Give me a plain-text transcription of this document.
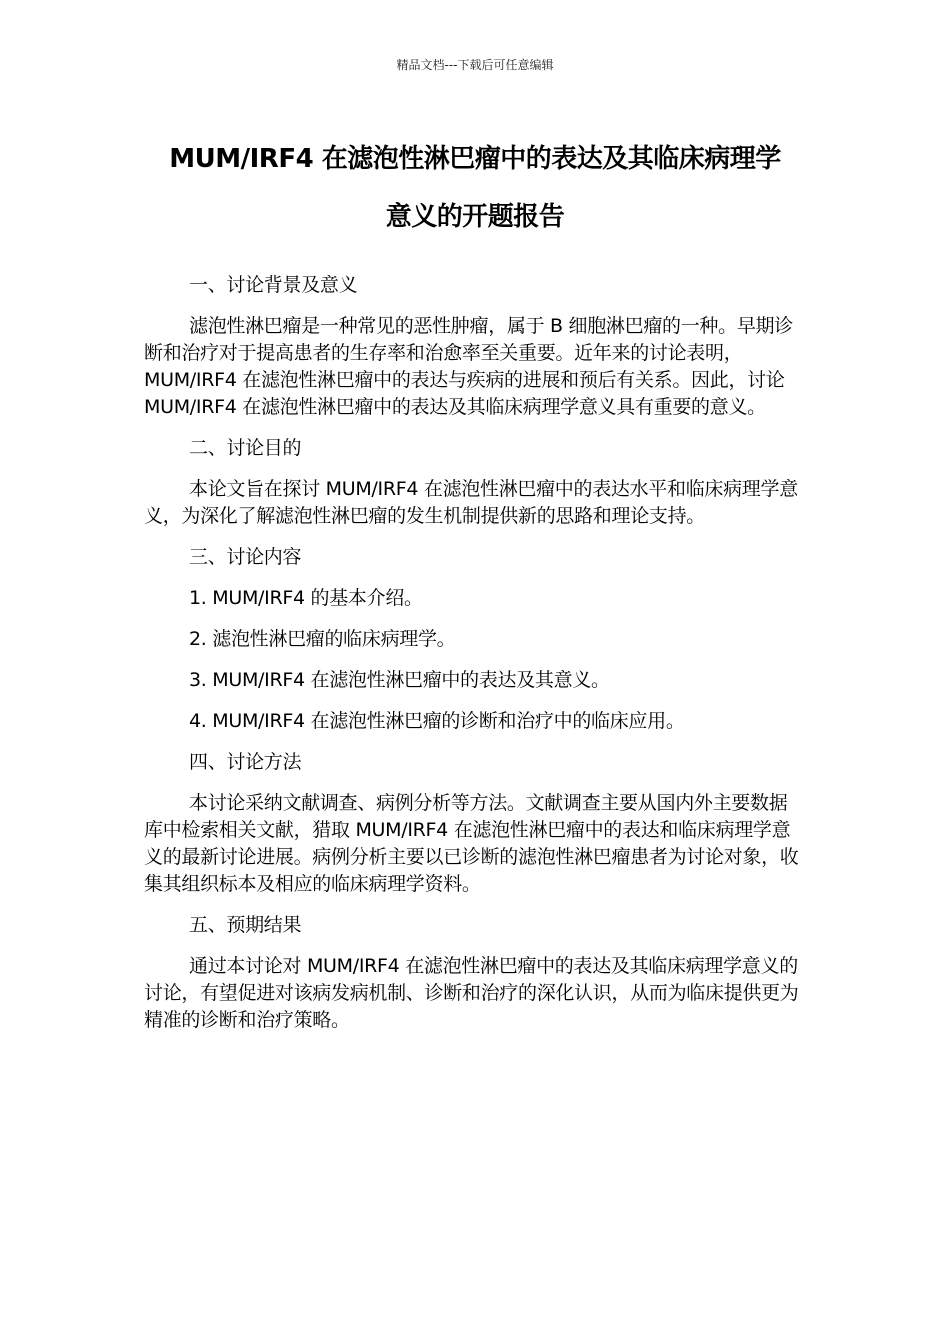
精品文档---下载后可任意编辑
MUM/IRF4 在滤泡性淋巴瘤中的表达及其临床病理学
意义的开题报告

一、讨论背景及意义

滤泡性淋巴瘤是一种常见的恶性肿瘤，属于 B 细胞淋巴瘤的一种。早期诊断和治疗对于提高患者的生存率和治愈率至关重要。近年来的讨论表明，MUM/IRF4 在滤泡性淋巴瘤中的表达与疾病的进展和预后有关系。因此，讨论 MUM/IRF4 在滤泡性淋巴瘤中的表达及其临床病理学意义具有重要的意义。

二、讨论目的

本论文旨在探讨 MUM/IRF4 在滤泡性淋巴瘤中的表达水平和临床病理学意义，为深化了解滤泡性淋巴瘤的发生机制提供新的思路和理论支持。

三、讨论内容

1. MUM/IRF4 的基本介绍。

2. 滤泡性淋巴瘤的临床病理学。

3. MUM/IRF4 在滤泡性淋巴瘤中的表达及其意义。

4. MUM/IRF4 在滤泡性淋巴瘤的诊断和治疗中的临床应用。

四、讨论方法

本讨论采纳文献调查、病例分析等方法。文献调查主要从国内外主要数据库中检索相关文献，猎取 MUM/IRF4 在滤泡性淋巴瘤中的表达和临床病理学意义的最新讨论进展。病例分析主要以已诊断的滤泡性淋巴瘤患者为讨论对象，收集其组织标本及相应的临床病理学资料。

五、预期结果

通过本讨论对 MUM/IRF4 在滤泡性淋巴瘤中的表达及其临床病理学意义的讨论，有望促进对该病发病机制、诊断和治疗的深化认识，从而为临床提供更为精准的诊断和治疗策略。
